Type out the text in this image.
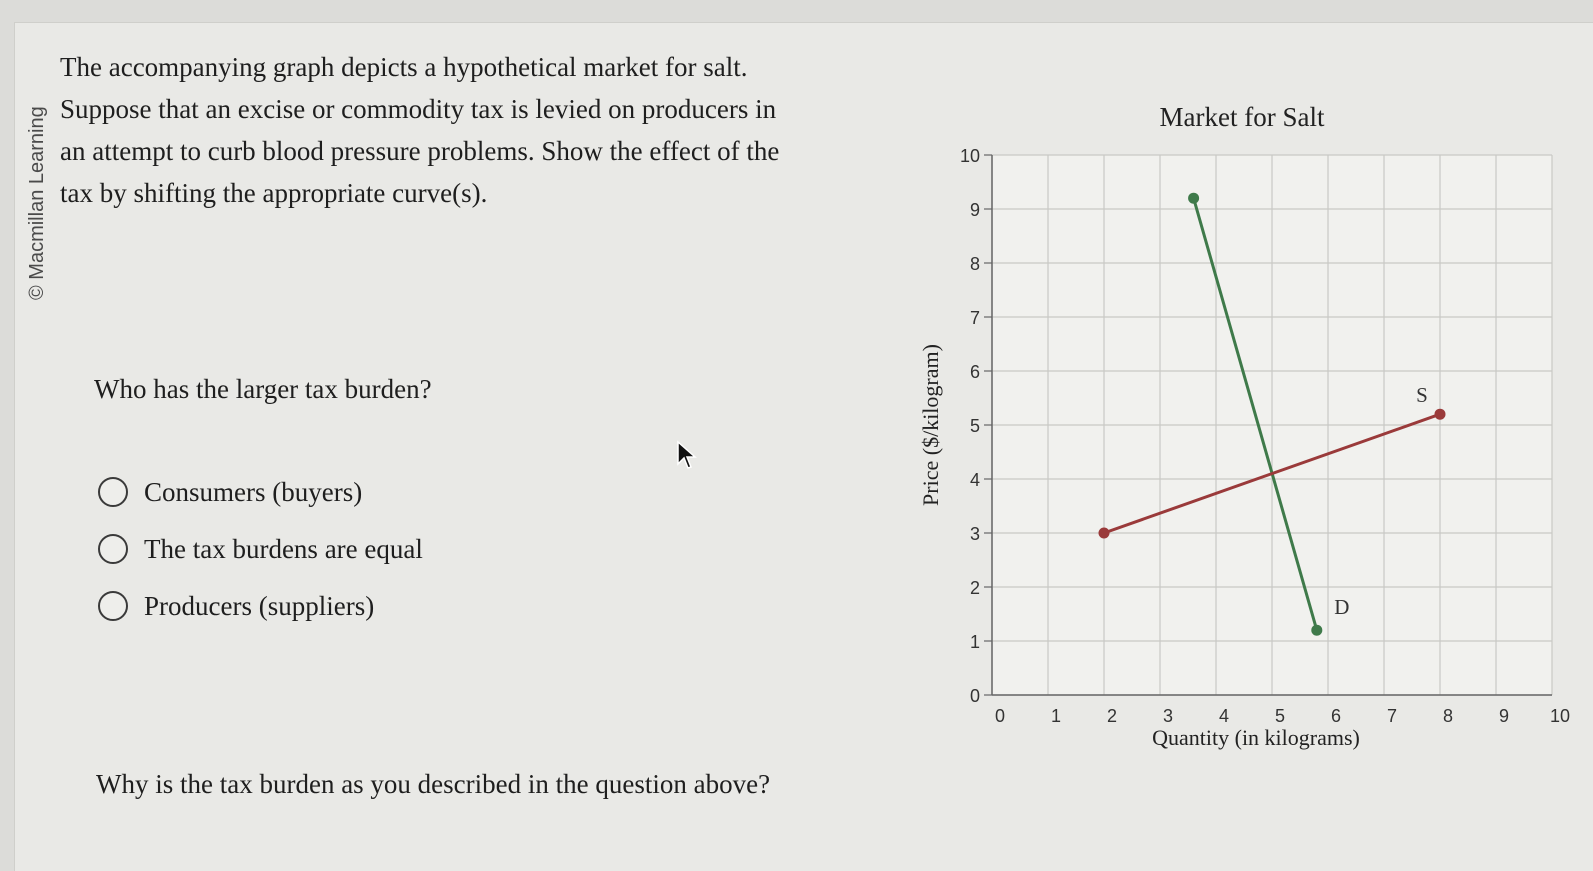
© Macmillan Learning
The accompanying graph depicts a hypothetical market for salt. Suppose that an excise or commodity tax is levied on producers in an attempt to curb blood pressure problems. Show the effect of the tax by shifting the appropriate curve(s).
Who has the larger tax burden?
Consumers (buyers)
The tax burdens are equal
Producers (suppliers)
Why is the tax burden as you described in the question above?
0	1	2	3	4	5	6	7	8	9 10
0
1
2
3
4
5
6
7
8
9
10
D
S
Market for Salt
Quantity (in kilograms)
Price ($/kilogram)
